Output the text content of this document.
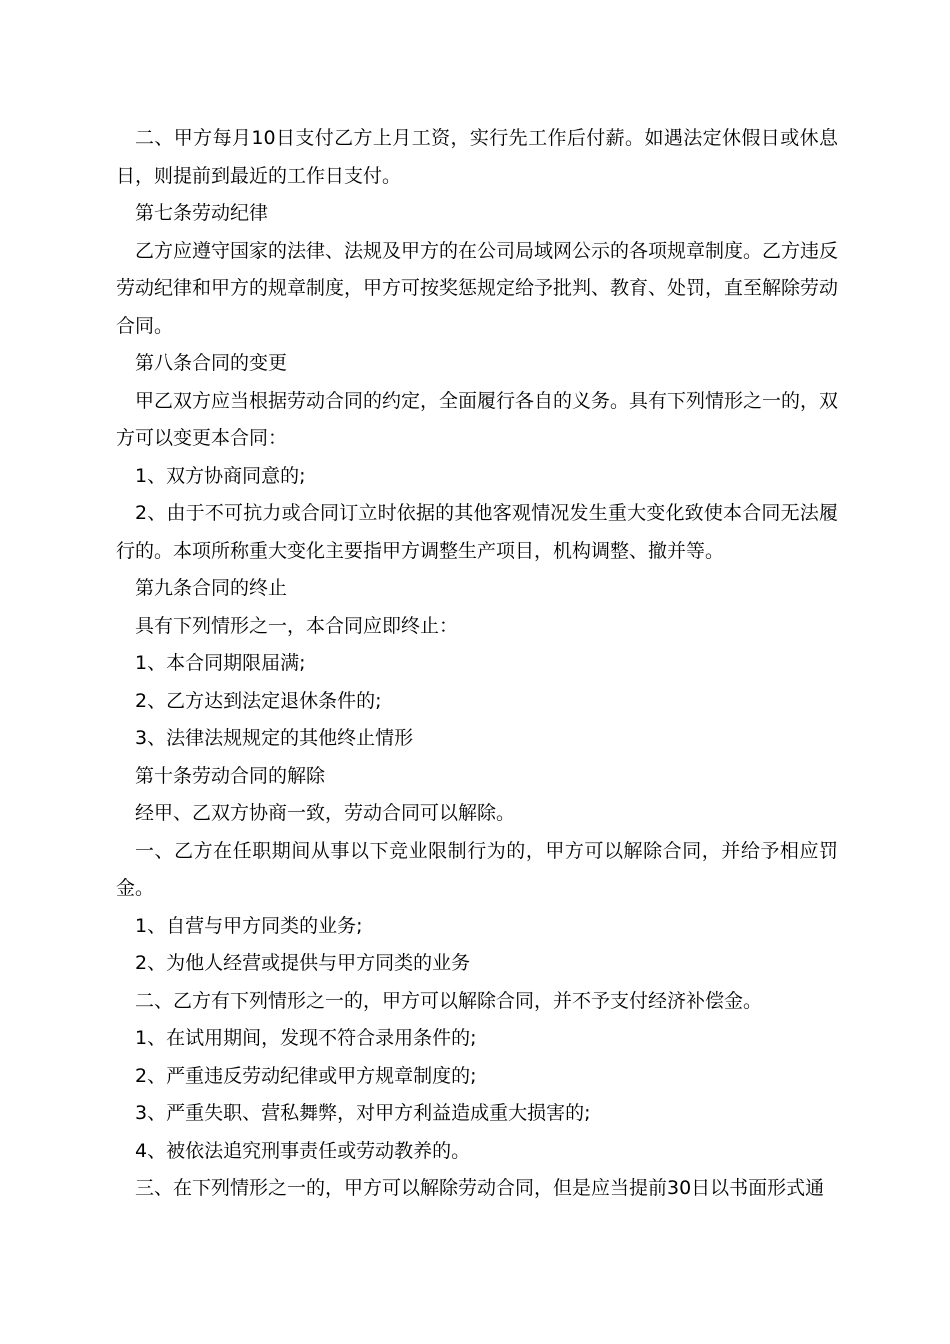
二、甲方每月10日支付乙方上月工资，实行先工作后付薪。如遇法定休假日或休息日，则提前到最近的工作日支付。

第七条劳动纪律

乙方应遵守国家的法律、法规及甲方的在公司局域网公示的各项规章制度。乙方违反劳动纪律和甲方的规章制度，甲方可按奖惩规定给予批判、教育、处罚，直至解除劳动合同。

第八条合同的变更

甲乙双方应当根据劳动合同的约定，全面履行各自的义务。具有下列情形之一的，双方可以变更本合同：

1、双方协商同意的;

2、由于不可抗力或合同订立时依据的其他客观情况发生重大变化致使本合同无法履行的。本项所称重大变化主要指甲方调整生产项目，机构调整、撤并等。

第九条合同的终止

具有下列情形之一，本合同应即终止：

1、本合同期限届满;

2、乙方达到法定退休条件的;

3、法律法规规定的其他终止情形

第十条劳动合同的解除

经甲、乙双方协商一致，劳动合同可以解除。

一、乙方在任职期间从事以下竞业限制行为的，甲方可以解除合同，并给予相应罚金。

1、自营与甲方同类的业务;

2、为他人经营或提供与甲方同类的业务

二、乙方有下列情形之一的，甲方可以解除合同，并不予支付经济补偿金。

1、在试用期间，发现不符合录用条件的;

2、严重违反劳动纪律或甲方规章制度的;

3、严重失职、营私舞弊，对甲方利益造成重大损害的;

4、被依法追究刑事责任或劳动教养的。

三、在下列情形之一的，甲方可以解除劳动合同，但是应当提前30日以书面形式通
